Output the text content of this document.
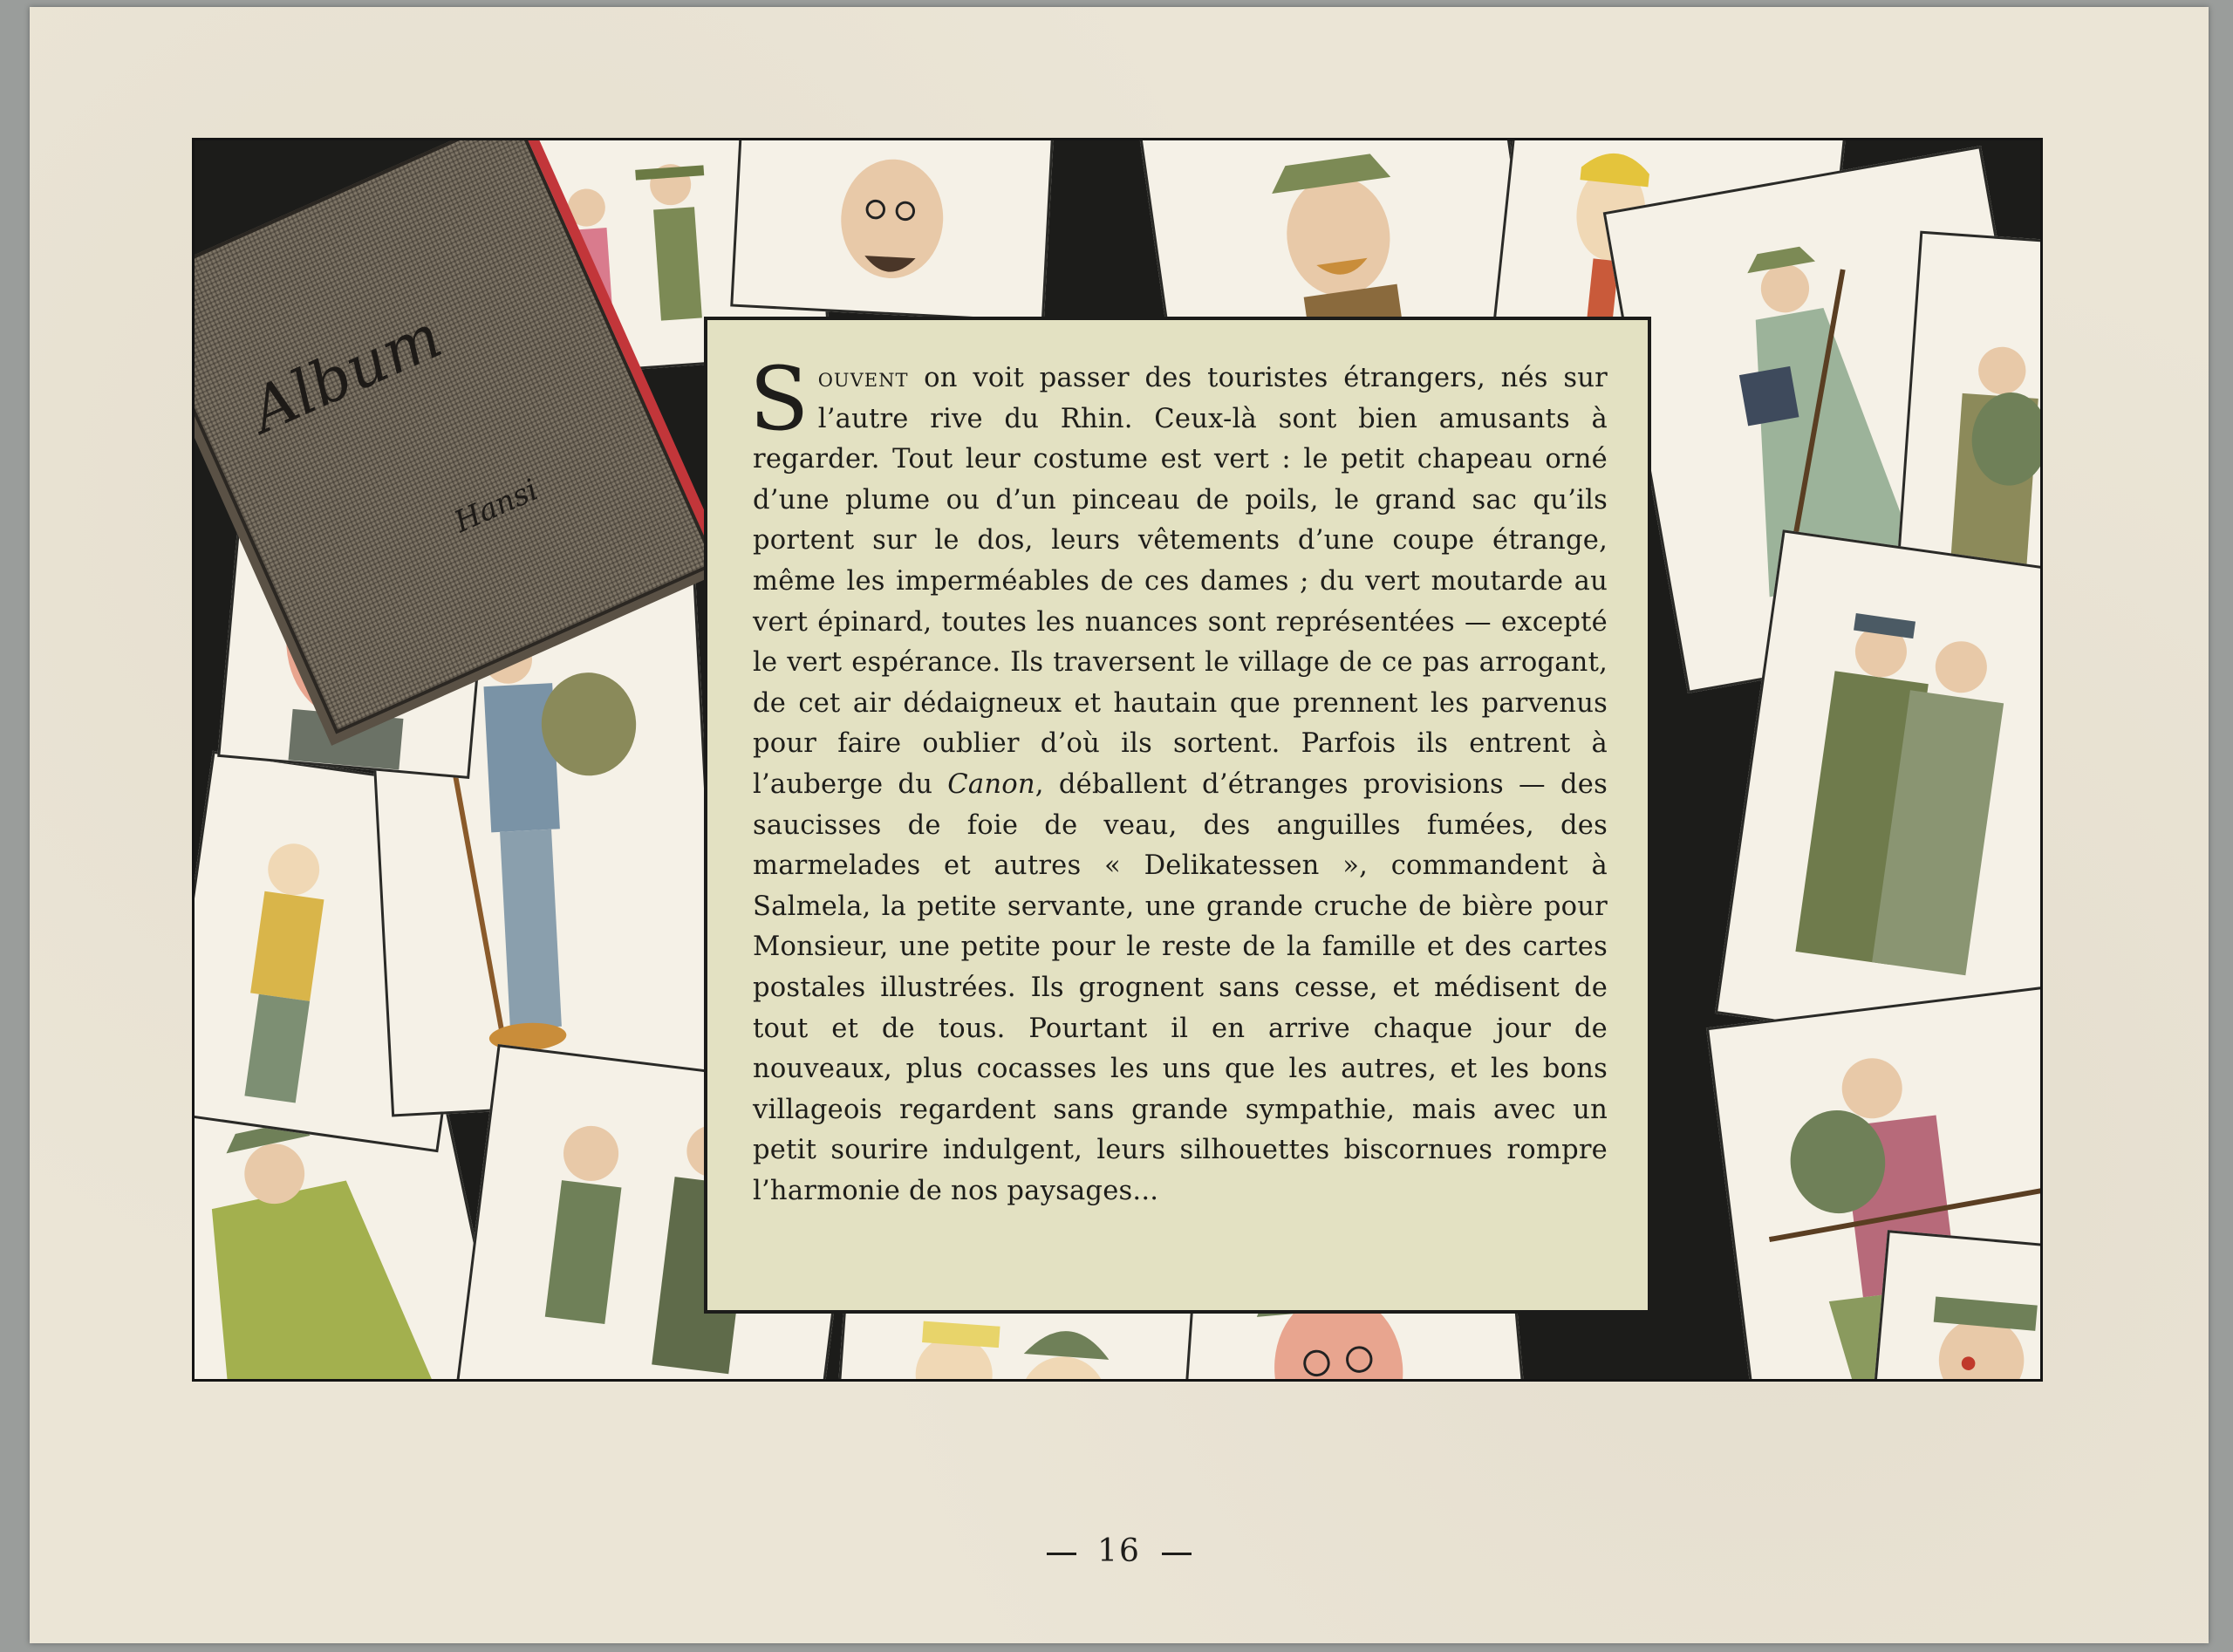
Album
Hansi

Souvent on voit passer des touristes étrangers, nés sur l’autre rive du Rhin. Ceux-là sont bien amusants à regarder. Tout leur costume est vert : le petit chapeau orné d’une plume ou d’un pinceau de poils, le grand sac qu’ils portent sur le dos, leurs vêtements d’une coupe étrange, même les imperméables de ces dames ; du vert moutarde au vert épinard, toutes les nuances sont représentées — excepté le vert espérance. Ils traversent le village de ce pas arrogant, de cet air dédaigneux et hautain que prennent les parvenus pour faire oublier d’où ils sortent. Parfois ils entrent à l’auberge du Canon, déballent d’étranges provisions — des saucisses de foie de veau, des anguilles fumées, des marmelades et autres « Delikatessen », commandent à Salmela, la petite servante, une grande cruche de bière pour Monsieur, une petite pour le reste de la famille et des cartes postales illustrées. Ils grognent sans cesse, et médisent de tout et de tous. Pourtant il en arrive chaque jour de nouveaux, plus cocasses les uns que les autres, et les bons villageois regardent sans grande sympathie, mais avec un petit sourire indulgent, leurs silhouettes biscornues rompre l’harmonie de nos paysages...

16
